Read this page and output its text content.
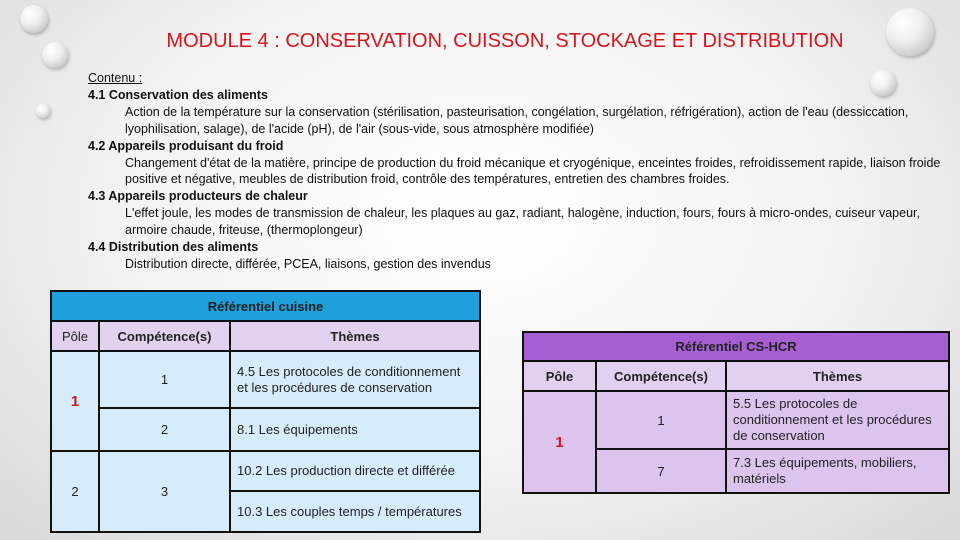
MODULE 4 : CONSERVATION, CUISSON, STOCKAGE ET DISTRIBUTION
Contenu :
4.1 Conservation des aliments
Action de la température sur la conservation (stérilisation, pasteurisation, congélation, surgélation, réfrigération), action de l'eau (dessiccation, lyophilisation, salage), de l'acide (pH), de l'air (sous-vide, sous atmosphère modifiée)
4.2 Appareils produisant du froid
Changement d'état de la matière, principe de production du froid mécanique et cryogénique, enceintes froides, refroidissement rapide, liaison froide positive et négative, meubles de distribution froid, contrôle des températures, entretien des chambres froides.
4.3 Appareils producteurs de chaleur
L'effet joule, les modes de transmission de chaleur, les plaques au gaz, radiant, halogène, induction, fours, fours à micro-ondes, cuiseur vapeur, armoire chaude, friteuse, (thermoplongeur)
4.4 Distribution des aliments
Distribution directe, différée, PCEA, liaisons, gestion des invendus
Référentiel cuisine		
Pôle	Compétence(s)	Thèmes
1	1	4.5 Les protocoles de conditionnement et les procédures de conservation
	2	8.1 Les équipements
2	3	10.2 Les production directe et différée
		10.3 Les couples temps / températures
Référentiel CS-HCR		
Pôle	Compétence(s)	Thèmes
1	1	5.5 Les protocoles de conditionnement et les procédures de conservation
	7	7.3 Les équipements, mobiliers, matériels
